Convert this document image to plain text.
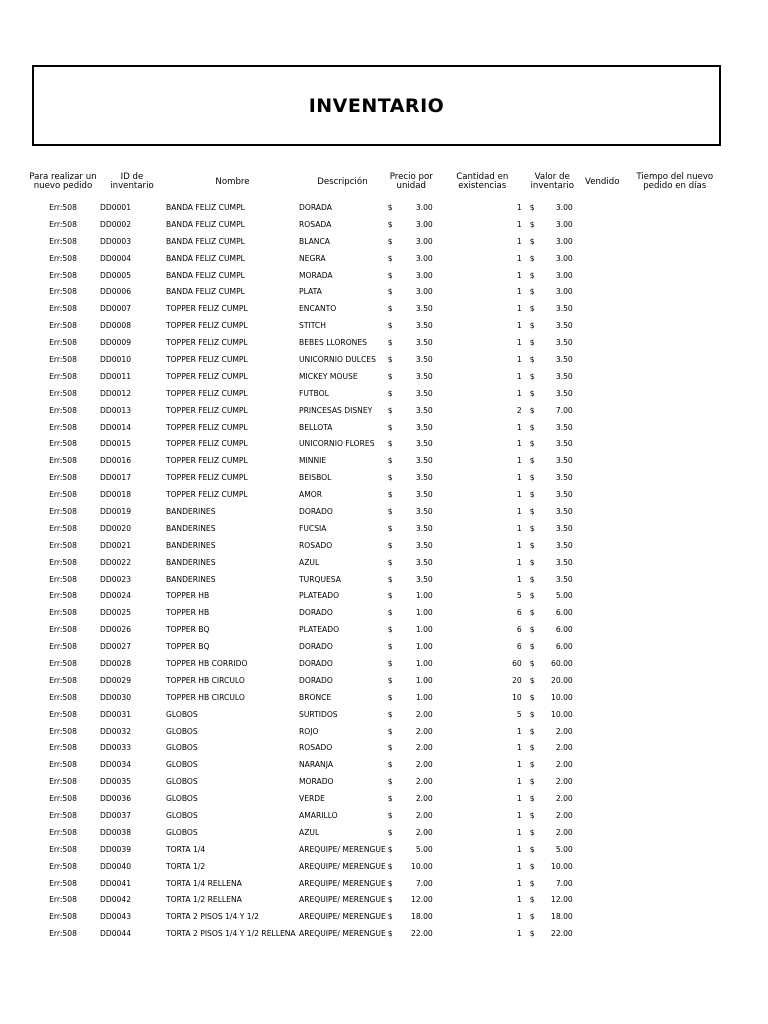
INVENTARIO
Para realizar un nuevo pedido	ID de inventario	Nombre	Descripción	Precio por unidad		Cantidad en existencias	Valor de inventario		Vendido	Tiempo del nuevo pedido en días
Err:508	DD0001	BANDA FELIZ CUMPL	DORADA	$	3.00	1	$	3.00		
Err:508	DD0002	BANDA FELIZ CUMPL	ROSADA	$	3.00	1	$	3.00		
Err:508	DD0003	BANDA FELIZ CUMPL	BLANCA	$	3.00	1	$	3.00		
Err:508	DD0004	BANDA FELIZ CUMPL	NEGRA	$	3.00	1	$	3.00		
Err:508	DD0005	BANDA FELIZ CUMPL	MORADA	$	3.00	1	$	3.00		
Err:508	DD0006	BANDA FELIZ CUMPL	PLATA	$	3.00	1	$	3.00		
Err:508	DD0007	TOPPER FELIZ CUMPL	ENCANTO	$	3.50	1	$	3.50		
Err:508	DD0008	TOPPER FELIZ CUMPL	STITCH	$	3.50	1	$	3.50		
Err:508	DD0009	TOPPER FELIZ CUMPL	BEBES LLORONES	$	3.50	1	$	3.50		
Err:508	DD0010	TOPPER FELIZ CUMPL	UNICORNIO DULCES	$	3.50	1	$	3.50		
Err:508	DD0011	TOPPER FELIZ CUMPL	MICKEY MOUSE	$	3.50	1	$	3.50		
Err:508	DD0012	TOPPER FELIZ CUMPL	FUTBOL	$	3.50	1	$	3.50		
Err:508	DD0013	TOPPER FELIZ CUMPL	PRINCESAS DISNEY	$	3.50	2	$	7.00		
Err:508	DD0014	TOPPER FELIZ CUMPL	BELLOTA	$	3.50	1	$	3.50		
Err:508	DD0015	TOPPER FELIZ CUMPL	UNICORNIO FLORES	$	3.50	1	$	3.50		
Err:508	DD0016	TOPPER FELIZ CUMPL	MINNIE	$	3.50	1	$	3.50		
Err:508	DD0017	TOPPER FELIZ CUMPL	BEISBOL	$	3.50	1	$	3.50		
Err:508	DD0018	TOPPER FELIZ CUMPL	AMOR	$	3.50	1	$	3.50		
Err:508	DD0019	BANDERINES	DORADO	$	3.50	1	$	3.50		
Err:508	DD0020	BANDERINES	FUCSIA	$	3.50	1	$	3.50		
Err:508	DD0021	BANDERINES	ROSADO	$	3.50	1	$	3.50		
Err:508	DD0022	BANDERINES	AZUL	$	3.50	1	$	3.50		
Err:508	DD0023	BANDERINES	TURQUESA	$	3.50	1	$	3.50		
Err:508	DD0024	TOPPER HB	PLATEADO	$	1.00	5	$	5.00		
Err:508	DD0025	TOPPER HB	DORADO	$	1.00	6	$	6.00		
Err:508	DD0026	TOPPER BQ	PLATEADO	$	1.00	6	$	6.00		
Err:508	DD0027	TOPPER BQ	DORADO	$	1.00	6	$	6.00		
Err:508	DD0028	TOPPER HB CORRIDO	DORADO	$	1.00	60	$	60.00		
Err:508	DD0029	TOPPER HB CIRCULO	DORADO	$	1.00	20	$	20.00		
Err:508	DD0030	TOPPER HB CIRCULO	BRONCE	$	1.00	10	$	10.00		
Err:508	DD0031	GLOBOS	SURTIDOS	$	2.00	5	$	10.00		
Err:508	DD0032	GLOBOS	ROJO	$	2.00	1	$	2.00		
Err:508	DD0033	GLOBOS	ROSADO	$	2.00	1	$	2.00		
Err:508	DD0034	GLOBOS	NARANJA	$	2.00	1	$	2.00		
Err:508	DD0035	GLOBOS	MORADO	$	2.00	1	$	2.00		
Err:508	DD0036	GLOBOS	VERDE	$	2.00	1	$	2.00		
Err:508	DD0037	GLOBOS	AMARILLO	$	2.00	1	$	2.00		
Err:508	DD0038	GLOBOS	AZUL	$	2.00	1	$	2.00		
Err:508	DD0039	TORTA 1/4	AREQUIPE/ MERENGUE	$	5.00	1	$	5.00		
Err:508	DD0040	TORTA 1/2	AREQUIPE/ MERENGUE	$	10.00	1	$	10.00		
Err:508	DD0041	TORTA 1/4 RELLENA	AREQUIPE/ MERENGUE	$	7.00	1	$	7.00		
Err:508	DD0042	TORTA 1/2 RELLENA	AREQUIPE/ MERENGUE	$	12.00	1	$	12.00		
Err:508	DD0043	TORTA 2 PISOS 1/4 Y 1/2	AREQUIPE/ MERENGUE	$	18.00	1	$	18.00		
Err:508	DD0044	TORTA 2 PISOS 1/4 Y 1/2 RELLENA	AREQUIPE/ MERENGUE	$	22.00	1	$	22.00		
